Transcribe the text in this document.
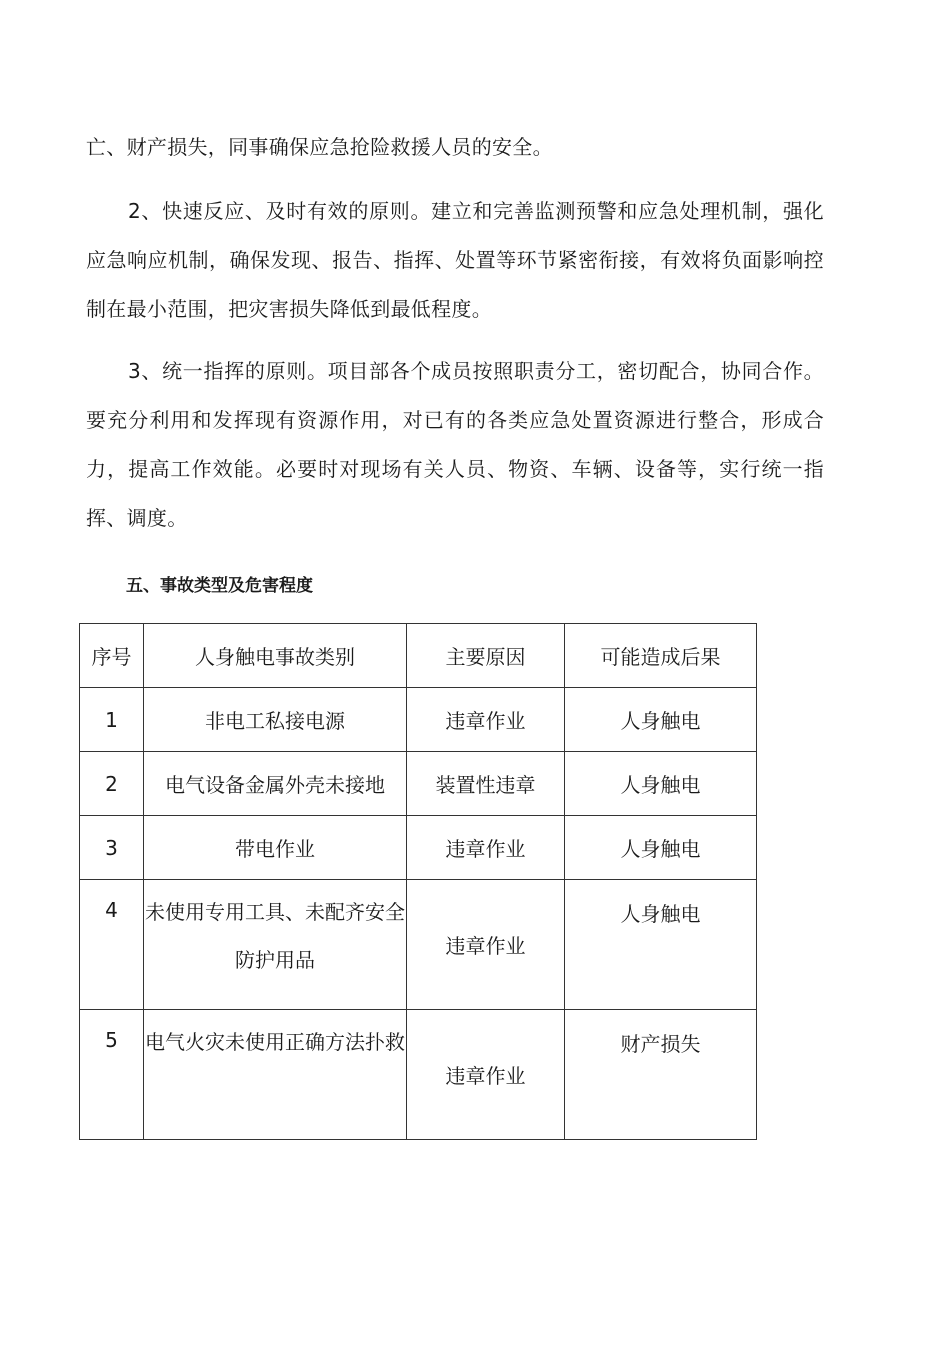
亡、财产损失，同事确保应急抢险救援人员的安全。

2、快速反应、及时有效的原则。建立和完善监测预警和应急处理机制，强化应急响应机制，确保发现、报告、指挥、处置等环节紧密衔接，有效将负面影响控制在最小范围，把灾害损失降低到最低程度。

3、统一指挥的原则。项目部各个成员按照职责分工，密切配合，协同合作。要充分利用和发挥现有资源作用，对已有的各类应急处置资源进行整合，形成合力，提高工作效能。必要时对现场有关人员、物资、车辆、设备等，实行统一指挥、调度。

五、事故类型及危害程度
序号	人身触电事故类别	主要原因	可能造成后果
1	非电工私接电源	违章作业	人身触电
2	电气设备金属外壳未接地	装置性违章	人身触电
3	带电作业	违章作业	人身触电
4	未使用专用工具、未配齐安全防护用品	违章作业	人身触电
5	电气火灾未使用正确方法扑救	违章作业	财产损失
